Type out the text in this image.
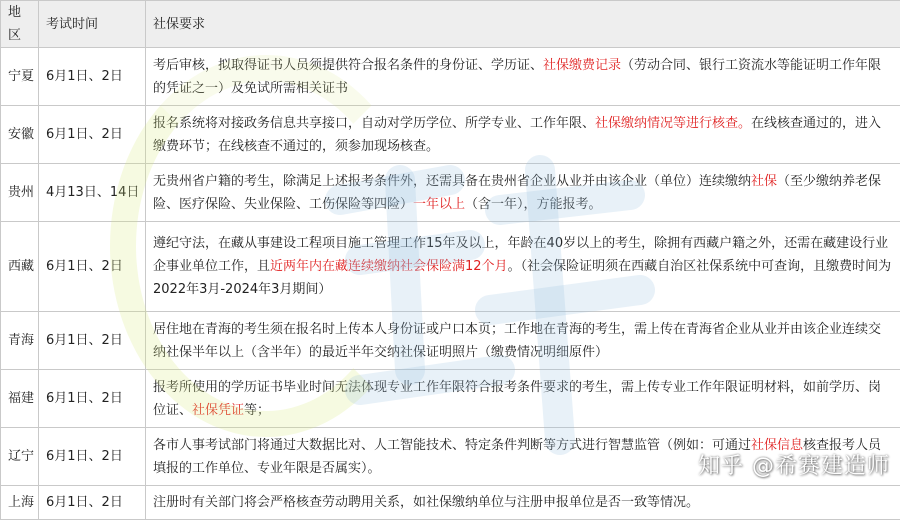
地区	考试时间	社保要求
宁夏	6月1日、2日	考后审核，拟取得证书人员须提供符合报名条件的身份证、学历证、社保缴费记录（劳动合同、银行工资流水等能证明工作年限的凭证之一）及免试所需相关证书
安徽	6月1日、2日	报名系统将对接政务信息共享接口，自动对学历学位、所学专业、工作年限、社保缴纳情况等进行核查。在线核查通过的，进入缴费环节；在线核查不通过的，须参加现场核查。
贵州	4月13日、14日	无贵州省户籍的考生，除满足上述报考条件外，还需具备在贵州省企业从业并由该企业（单位）连续缴纳社保（至少缴纳养老保险、医疗保险、失业保险、工伤保险等四险）一年以上（含一年），方能报考。
西藏	6月1日、2日	遵纪守法，在藏从事建设工程项目施工管理工作15年及以上，年龄在40岁以上的考生，除拥有西藏户籍之外，还需在藏建设行业企事业单位工作，且近两年内在藏连续缴纳社会保险满12个月。（社会保险证明须在西藏自治区社保系统中可查询，且缴费时间为2022年3月-2024年3月期间）
青海	6月1日、2日	居住地在青海的考生须在报名时上传本人身份证或户口本页；工作地在青海的考生，需上传在青海省企业从业并由该企业连续交纳社保半年以上（含半年）的最近半年交纳社保证明照片（缴费情况明细原件）
福建	6月1日、2日	报考所使用的学历证书毕业时间无法体现专业工作年限符合报考条件要求的考生，需上传专业工作年限证明材料，如前学历、岗位证、社保凭证等；
辽宁	6月1日、2日	各市人事考试部门将通过大数据比对、人工智能技术、特定条件判断等方式进行智慧监管（例如：可通过社保信息核查报考人员填报的工作单位、专业年限是否属实）。
上海	6月1日、2日	注册时有关部门将会严格核查劳动聘用关系，如社保缴纳单位与注册申报单位是否一致等情况。
知乎 @希赛建造师
